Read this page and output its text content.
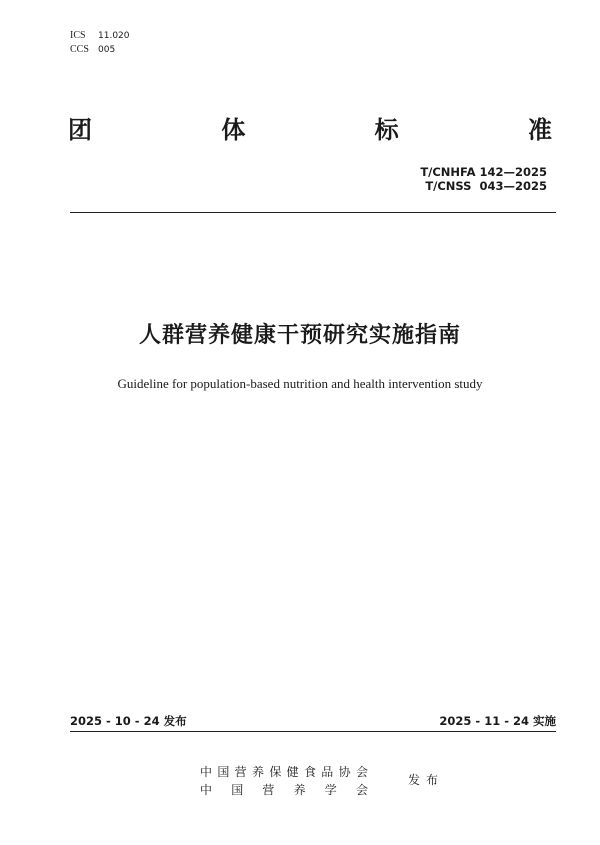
ICS 11.020
CCS 005
团	体	标	准
T/CNHFA 142—2025
T/CNSS  043—2025
人群营养健康干预研究实施指南
Guideline for population-based nutrition and health intervention study
2025 - 10 - 24 发布	2025 - 11 - 24 实施
中 国 营 养 保 健 食 品 协 会
中 国 营 养 学 会
发布
